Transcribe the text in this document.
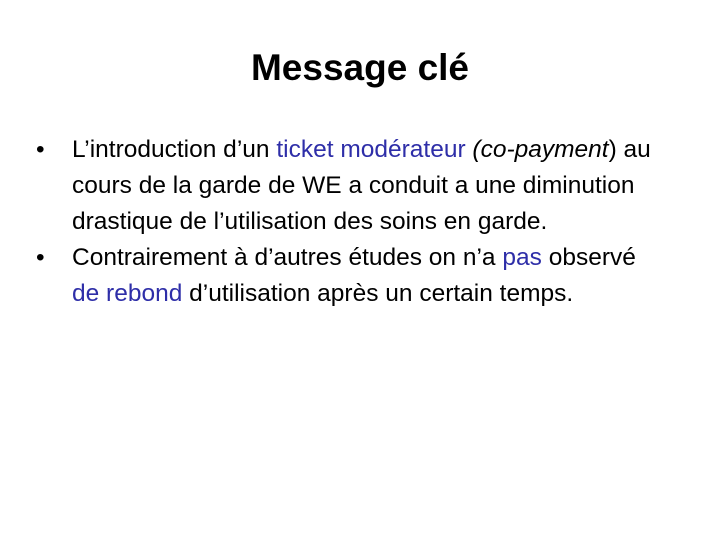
Message clé
•	L’introduction d’un ticket modérateur (co-payment) au cours de la garde de WE a conduit a une diminution drastique de l’utilisation des soins en garde.
•	Contrairement à d’autres études on n’a pas observé de rebond d’utilisation après un certain temps.
